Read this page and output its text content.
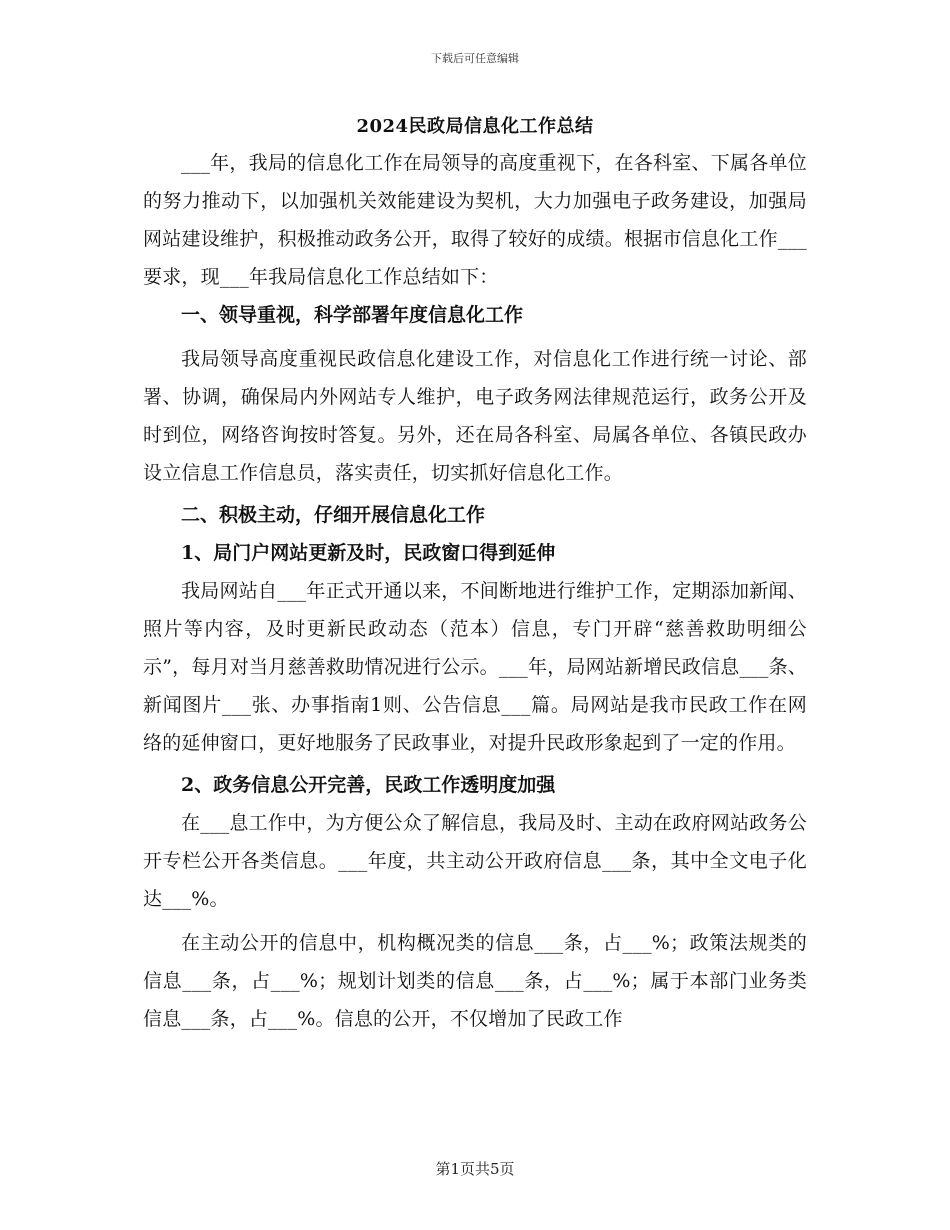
下载后可任意编辑
2024民政局信息化工作总结

___年，我局的信息化工作在局领导的高度重视下，在各科室、下属各单位的努力推动下，以加强机关效能建设为契机，大力加强电子政务建设，加强局网站建设维护，积极推动政务公开，取得了较好的成绩。根据市信息化工作___要求，现___年我局信息化工作总结如下：

一、领导重视，科学部署年度信息化工作

我局领导高度重视民政信息化建设工作，对信息化工作进行统一讨论、部署、协调，确保局内外网站专人维护，电子政务网法律规范运行，政务公开及时到位，网络咨询按时答复。另外，还在局各科室、局属各单位、各镇民政办设立信息工作信息员，落实责任，切实抓好信息化工作。

二、积极主动，仔细开展信息化工作

1、局门户网站更新及时，民政窗口得到延伸

我局网站自___年正式开通以来，不间断地进行维护工作，定期添加新闻、照片等内容，及时更新民政动态（范本）信息，专门开辟“慈善救助明细公示”，每月对当月慈善救助情况进行公示。___年，局网站新增民政信息___条、新闻图片___张、办事指南1则、公告信息___篇。局网站是我市民政工作在网络的延伸窗口，更好地服务了民政事业，对提升民政形象起到了一定的作用。

2、政务信息公开完善，民政工作透明度加强

在___息工作中，为方便公众了解信息，我局及时、主动在政府网站政务公开专栏公开各类信息。___年度，共主动公开政府信息___条，其中全文电子化达___%。

在主动公开的信息中，机构概况类的信息___条，占___%；政策法规类的信息___条，占___%；规划计划类的信息___条，占___%；属于本部门业务类信息___条，占___%。信息的公开，不仅增加了民政工作

第1页共5页
